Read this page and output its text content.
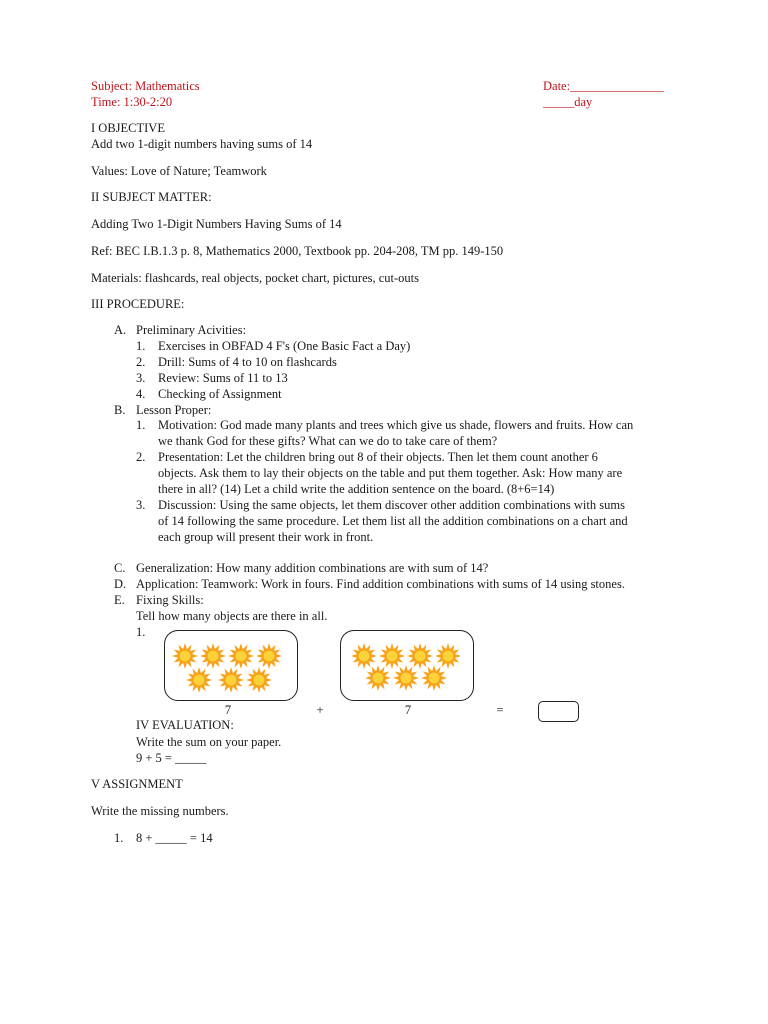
Subject: Mathematics
Time: 1:30-2:20
Date:_______________
_____day
I OBJECTIVE
Add two 1-digit numbers having sums of 14
Values: Love of Nature; Teamwork
II SUBJECT MATTER:
Adding Two 1-Digit Numbers Having Sums of 14
Ref: BEC I.B.1.3 p. 8, Mathematics 2000, Textbook pp. 204-208, TM pp. 149-150
Materials: flashcards, real objects, pocket chart, pictures, cut-outs
III PROCEDURE:
A. Preliminary Acivities:
1. Exercises in OBFAD 4 F's (One Basic Fact a Day)
2. Drill: Sums of 4 to 10 on flashcards
3. Review: Sums of 11 to 13
4. Checking of Assignment
B. Lesson Proper:
1. Motivation: God made many plants and trees which give us shade, flowers and fruits. How can
we thank God for these gifts? What can we do to take care of them?
2. Presentation: Let the children bring out 8 of their objects. Then let them count another 6
objects. Ask them to lay their objects on the table and put them together. Ask: How many are
there in all? (14) Let a child write the addition sentence on the board. (8+6=14)
3. Discussion: Using the same objects, let them discover other addition combinations with sums
of 14 following the same procedure. Let them list all the addition combinations on a chart and
each group will present their work in front.
C. Generalization: How many addition combinations are with sum of 14?
D. Application: Teamwork: Work in fours. Find addition combinations with sums of 14 using stones.
E. Fixing Skills:
Tell how many objects are there in all.
1.
7	+	7	=
IV EVALUATION:
Write the sum on your paper.
9 + 5 = _____
V ASSIGNMENT
Write the missing numbers.
1. 8 + _____ = 14
